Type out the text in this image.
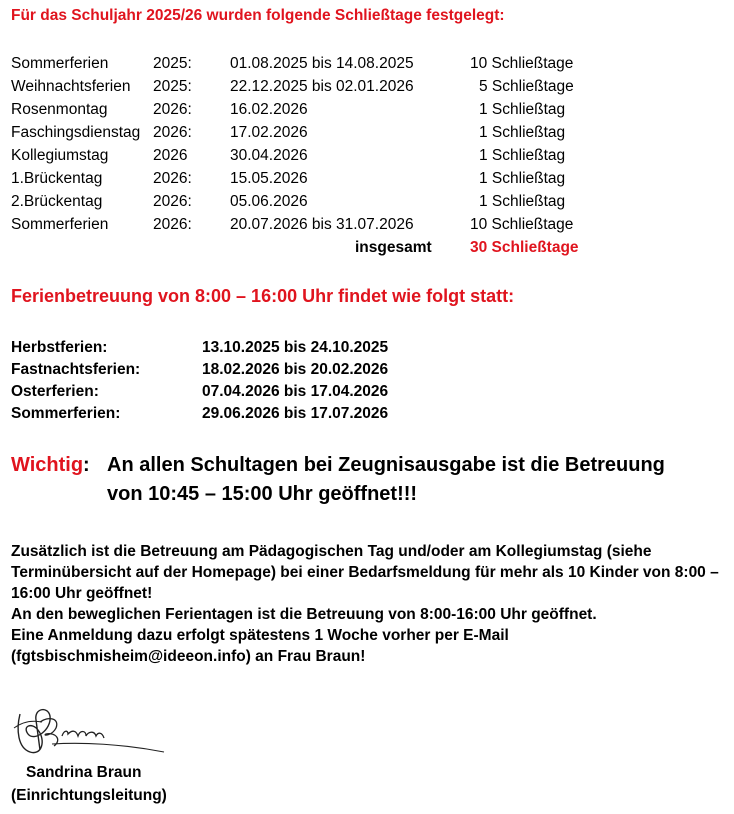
Für das Schuljahr 2025/26 wurden folgende Schließtage festgelegt:
Sommerferien	2025: 01.08.2025 bis 14.08.2025	10 Schließtage
Weihnachtsferien 2025: 22.12.2025 bis 02.01.2026	5 Schließtage
Rosenmontag	2026: 16.02.2026	1 Schließtag
Faschingsdienstag 2026: 17.02.2026	1 Schließtag
Kollegiumstag	2026	30.04.2026	1 Schließtag
1.Brückentag	2026: 15.05.2026	1 Schließtag
2.Brückentag	2026: 05.06.2026	1 Schließtag
Sommerferien	2026: 20.07.2026 bis 31.07.2026	10 Schließtage
insgesamt 30 Schließtage
Ferienbetreuung von 8:00 – 16:00 Uhr findet wie folgt statt:
Herbstferien:	13.10.2025 bis 24.10.2025
Fastnachtsferien:	18.02.2026 bis 20.02.2026
Osterferien:	07.04.2026 bis 17.04.2026
Sommerferien:	29.06.2026 bis 17.07.2026
Wichtig: An allen Schultagen bei Zeugnisausgabe ist die Betreuung
von 10:45 – 15:00 Uhr geöffnet!!!

Zusätzlich ist die Betreuung am Pädagogischen Tag und/oder am Kollegiumstag (siehe Terminübersicht auf der Homepage) bei einer Bedarfsmeldung für mehr als 10 Kinder von 8:00 – 16:00 Uhr geöffnet!

An den beweglichen Ferientagen ist die Betreuung von 8:00-16:00 Uhr geöffnet.

Eine Anmeldung dazu erfolgt spätestens 1 Woche vorher per E-Mail (fgtsbischmisheim@ideeon.info) an Frau Braun!

Sandrina Braun
(Einrichtungsleitung)
